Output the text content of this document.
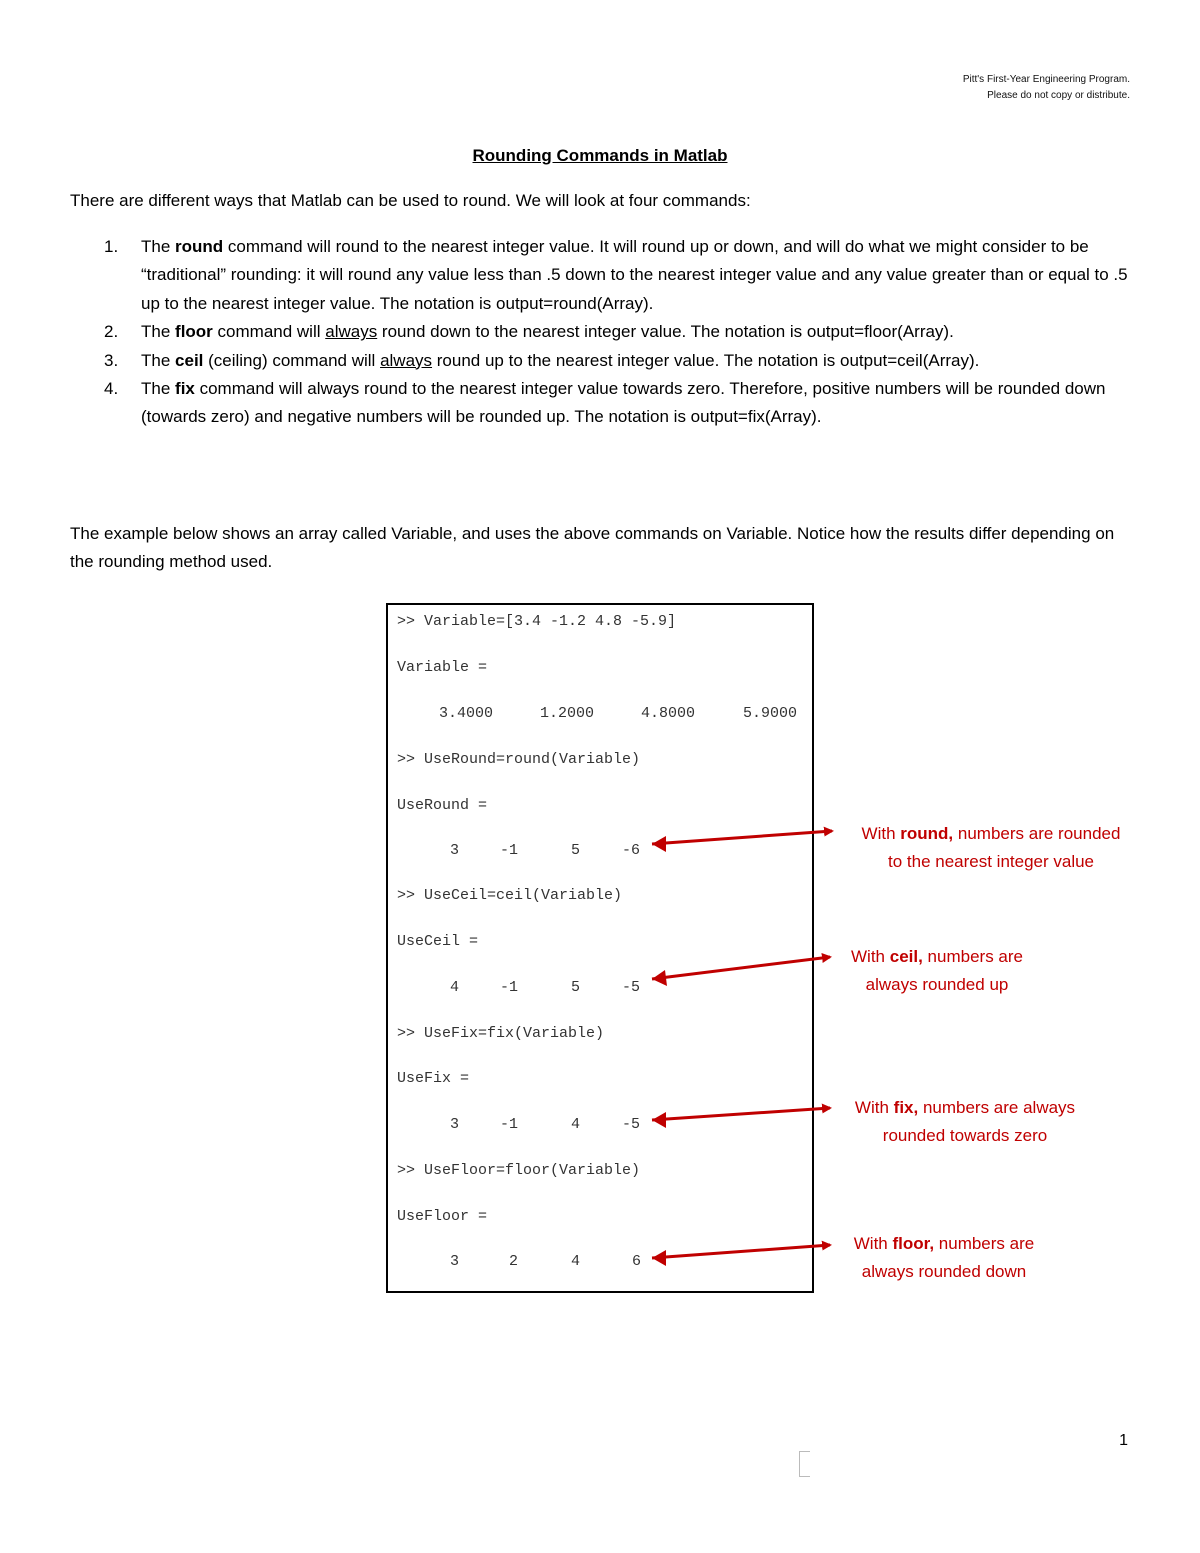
Pitt's First-Year Engineering Program.
Please do not copy or distribute.
Rounding Commands in Matlab
There are different ways that Matlab can be used to round. We will look at four commands:
1. The round command will round to the nearest integer value. It will round up or down, and will do what we might consider to be “traditional” rounding: it will round any value less than .5 down to the nearest integer value and any value greater than or equal to .5 up to the nearest integer value. The notation is output=round(Array).
2. The floor command will always round down to the nearest integer value. The notation is output=floor(Array).
3. The ceil (ceiling) command will always round up to the nearest integer value. The notation is output=ceil(Array).
4. The fix command will always round to the nearest integer value towards zero. Therefore, positive numbers will be rounded down (towards zero) and negative numbers will be rounded up. The notation is output=fix(Array).
The example below shows an array called Variable, and uses the above commands on Variable. Notice how the results differ depending on the rounding method used.
>> Variable=[3.4 -1.2 4.8 -5.9]
Variable =
3.4000	1.2000	4.8000	5.9000
>> UseRound=round(Variable)
UseRound =
3	-1	5	-6
>> UseCeil=ceil(Variable)
UseCeil =
4	-1	5	-5
>> UseFix=fix(Variable)
UseFix =
3	-1	4	-5
>> UseFloor=floor(Variable)
UseFloor =
3	2	4	6
With round, numbers are rounded
to the nearest integer value
With ceil, numbers are
always rounded up
With fix, numbers are always
rounded towards zero
With floor, numbers are
always rounded down
1
